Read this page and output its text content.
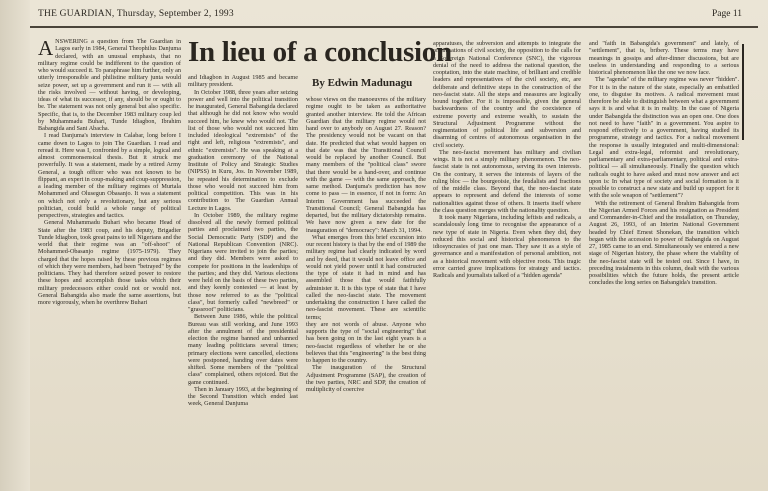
THE GUARDIAN, Thursday, September 2, 1993	Page 11
In lieu of a conclusion
By Edwin Madunagu
A NSWERING a question from The Guardian in Lagos early in 1984, General Theophilus Danjuma declared, with an unusual emphasis, that no military regime could be indifferent to the question of who would succeed it. To paraphrase him further, only an utterly irresponsible and philistine military junta would seize power, set up a government and run it — with all the risks involved — without having, or developing, ideas of what its successor, if any, should be or ought to be. The statement was not only general but also specific. Specific, that is, to the December 1983 military coup led by Muhammadu Buhari, Tunde Idiagbon, Ibrahim Babangida and Sani Abacha.

I read Danjuma's interview in Calabar, long before I came down to Lagos to join The Guardian. I read and reread it. Here was I, confronted by a simple, logical and almost commonsensical thesis. But it struck me powerfully. It was a statement, made by a retired Army General, a tough officer who was not known to be flippant, an expert in coup-making and coup-suppression, a leading member of the military regimes of Murtala Mohammed and Olusegun Obasanjo. It was a statement on which not only a revolutionary, but any serious politician, could build a whole range of political perspectives, strategies and tactics.

General Muhammadu Buhari who became Head of State after the 1983 coup, and his deputy, Brigadier Tunde Idiagbon, took great pains to tell Nigerians and the world that their regime was an "off-shoot" of Mohammed-Obasanjo regime (1975-1979). They charged that the hopes raised by these previous regimes of which they were members, had been "betrayed" by the politicians. They had therefore seized power to restore these hopes and accomplish those tasks which their military predecessors either could not or would not. General Babangida also made the same assertions, but more vigorously, when he overthrew Buhari

and Idiagbon in August 1985 and became military president.

In October 1988, three years after seizing power and well into the political transition he inaugurated, General Babangida declared that although he did not know who would succeed him, he knew who would not. The list of those who would not succeed him included ideological "extremists" of the right and left, religious "extremists", and ethnic "extremists". He was speaking at a graduation ceremony of the National Institute of Policy and Strategic Studies (NIPSS) in Kuru, Jos. In November 1989, he repeated his determination to exclude those who would not succeed him from political competition. This was in his contribution to The Guardian Annual Lecture in Lagos.

In October 1989, the military regime dissolved all the newly formed political parties and proclaimed two parties, the Social Democratic Party (SDP) and the National Republican Convention (NRC). Nigerians were invited to join the parties; and they did. Members were asked to compete for positions in the leaderships of the parties; and they did. Various elections were held on the basis of these two parties, and they keenly contested — at least by those now referred to as the "political class", but formerly called "newbreed" or "grassroot" politicians.

Between June 1986, while the political Bureau was still working, and June 1993 after the annulment of the presidential election the regime banned and unbanned many leading politicians several times; primary elections were cancelled, elections were postponed, handing over dates were shifted. Some members of the "political class" complained, others rejoiced. But the game continued.

Then in January 1993, at the beginning of the Second Transition which ended last week, General Danjuma

whose views on the manoeuvres of the military regime ought to be taken as authoritative granted another interview. He told the African Guardian that the military regime would not hand over to anybody on August 27. Reason? The presidency would not be vacant on that date. He predicted that what would happen on that date was that the Transitional Council would be replaced by another Council. But many members of the "political class" swore that there would be a hand-over, and continue with the game — with the same approach, the same method. Danjuma's prediction has now come to pass — in essence, if not in form: An Interim Government has succeeded the Transitional Council; General Babangida has departed, but the military dictatorship remains. We have now given a new date for the inauguration of "democracy": March 31, 1994.

What emerges from this brief excursion into our recent history is that by the end of 1989 the military regime had clearly indicated by word and by deed, that it would not leave office and would not yield power until it had constructed the type of state it had in mind and has assembled those that would faithfully administer it. It is this type of state that I have called the neo-fascist state. The movement undertaking the construction I have called the neo-fascist movement. These are scientific terms;

they are not words of abuse. Anyone who supports the type of "social engineering" that has been going on in the last eight years is a neo-fascist regardless of whether he or she believes that this "engineering" is the best thing to happen to the country.

The inauguration of the Structural Adjustment Programme (SAP), the creation of the two parties, NRC and SDP, the creation of multiplicity of coercive

apparatuses, the subversion and attempts to integrate the organisations of civil society, the opposition to the calls for a Sovereign National Conference (SNC), the vigorous denial of the need to address the national question, the cooptation, into the state machine, of brilliant and credible leaders and representatives of the civil society, etc, are deliberate and definitive steps in the construction of the neo-fascist state. All the steps and measures are logically bound together. For it is impossible, given the general backwardness of the country and the coexistence of extreme poverty and extreme wealth, to sustain the Structural Adjustment Programme without the regimentation of political life and subversion and disarming of centres of autonomous organisation in the civil society.

The neo-fascist movement has military and civilian wings. It is not a simply military phenomenon. The neo-fascist state is not autonomous, serving its own interests. On the contrary, it serves the interests of layers of the ruling bloc — the bourgeoisie, the feudalists and fractions of the middle class. Beyond that, the neo-fascist state appears to represent and defend the interests of some nationalities against those of others. It inserts itself where the class question merges with the nationality question.

It took many Nigerians, including leftists and radicals, a scandalously long time to recognise the appearance of a new type of state in Nigeria. Even when they did, they reduced this social and historical phenomenon to the idiosyncrasies of just one man. They saw it as a style of governance and a manifestation of personal ambition, not as a historical movement with objective roots. This tragic error carried grave implications for strategy and tactics. Radicals and journalists talked of a "hidden agenda"

and "faith in Babangida's government" and lately, of "settlement", that is, bribery. These terms may have meanings in gossips and after-dinner discussions, but are useless in understanding and responding to a serious historical phenomenon like the one we now face.

The "agenda" of the military regime was never "hidden". For it is in the nature of the state, especially an embattled one, to disguise its motives. A radical movement must therefore be able to distinguish between what a government says it is and what it is in reality. In the case of Nigeria under Babangida the distinction was an open one. One does not need to have "faith" in a government. You aspire to respond effectively to a government, having studied its programme, strategy and tactics. For a radical movement the response is usually integrated and multi-dimensional: Legal and extra-legal, reformist and revolutionary, parliamentary and extra-parliamentary, political and extra-political — all simultaneously. Finally the question which radicals ought to have asked and must now answer and act upon is: In what type of society and social formation is it possible to construct a new state and build up support for it with the sole weapon of "settlement"?

With the retirement of General Ibrahim Babangida from the Nigerian Armed Forces and his resignation as President and Commander-in-Chief and the installation, on Thursday, August 26, 1993, of an Interim National Government headed by Chief Ernest Shonekan, the transition which began with the accession to power of Babangida on August 27, 1985 came to an end. Simultaneously we entered a new stage of Nigerian history, the phase where the viability of the neo-fascist state will be tested out. Since I have, in preceding instalments in this column, dealt with the various possibilities which the future holds, the present article concludes the long series on Babangida's transition.
